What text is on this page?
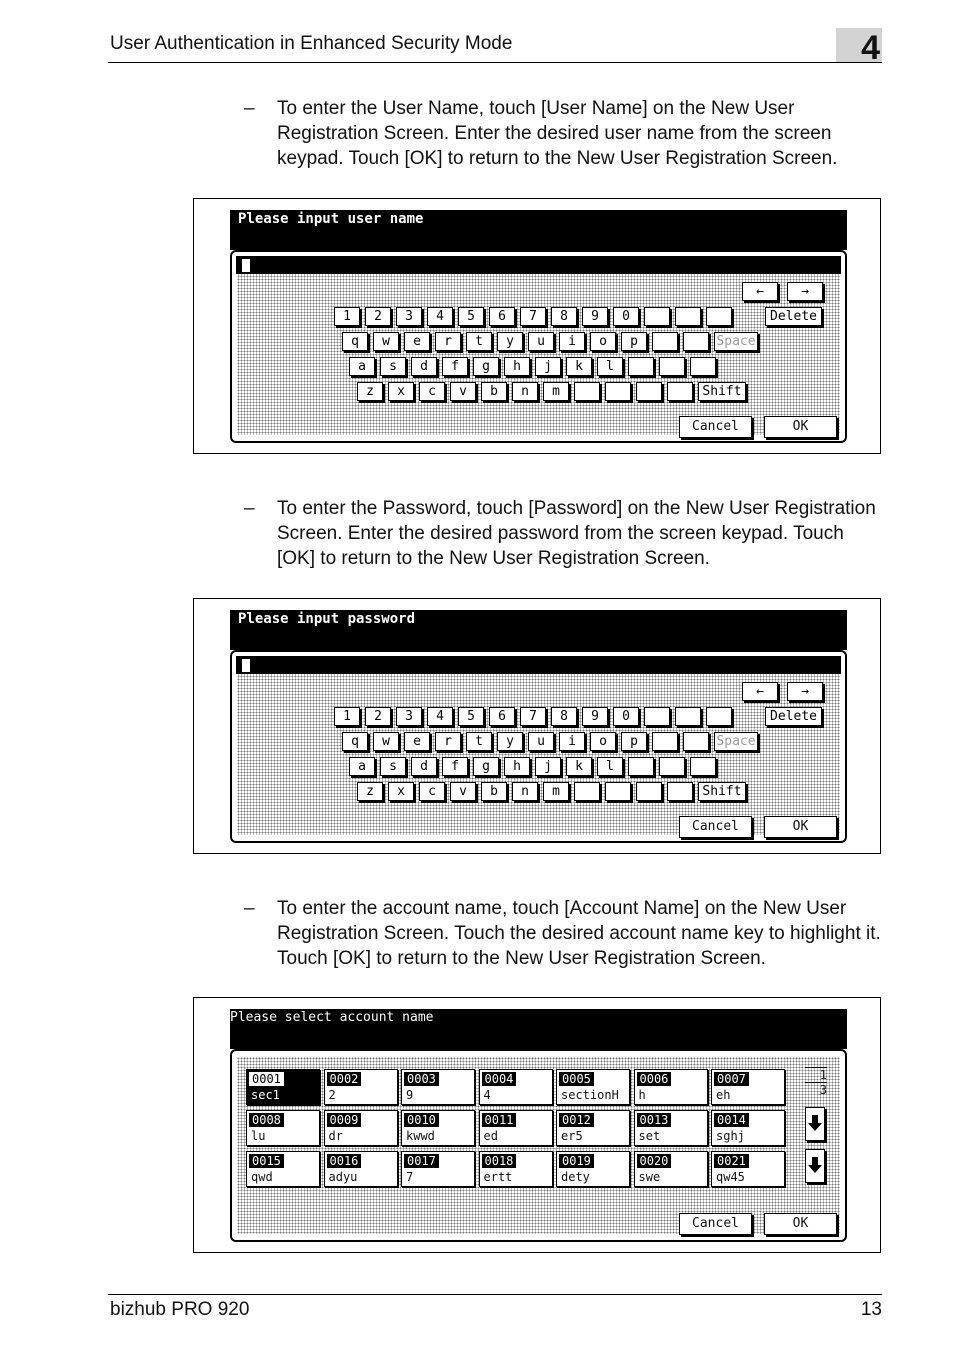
User Authentication in Enhanced Security Mode	4
– To enter the User Name, touch [User Name] on the New User Registration Screen. Enter the desired user name from the screen keypad. Touch [OK] to return to the New User Registration Screen.
Please input user name
Cancel	OK
←	→
1	2	3	4	5	6	7	8	9	0
q	w	e	r	t	y	u	i	o	p
a	s	d	f	g	h	j	k	l
z	x	c	v	b	n	m
Delete
Space
Shift
– To enter the Password, touch [Password] on the New User Registration Screen. Enter the desired password from the screen keypad. Touch [OK] to return to the New User Registration Screen.
Please input password
Cancel	OK
←	→
1	2	3	4	5	6	7	8	9	0
q	w	e	r	t	y	u	i	o	p
a	s	d	f	g	h	j	k	l
z	x	c	v	b	n	m
Delete
Space
Shift
– To enter the account name, touch [Account Name] on the New User Registration Screen. Touch the desired account name key to highlight it. Touch [OK] to return to the New User Registration Screen.
Please select account name
1
3
Cancel	OK
0001
sec1
0002
2
0003
9
0004
4
0005
sectionH
0006
h
0007
eh
0008
lu
0009
dr
0010
kwwd
0011
ed
0012
er5
0013
set
0014
sghj
0015
qwd
0016
adyu
0017
7
0018
ertt
0019
dety
0020
swe
0021
qw45
bizhub PRO 920	13
